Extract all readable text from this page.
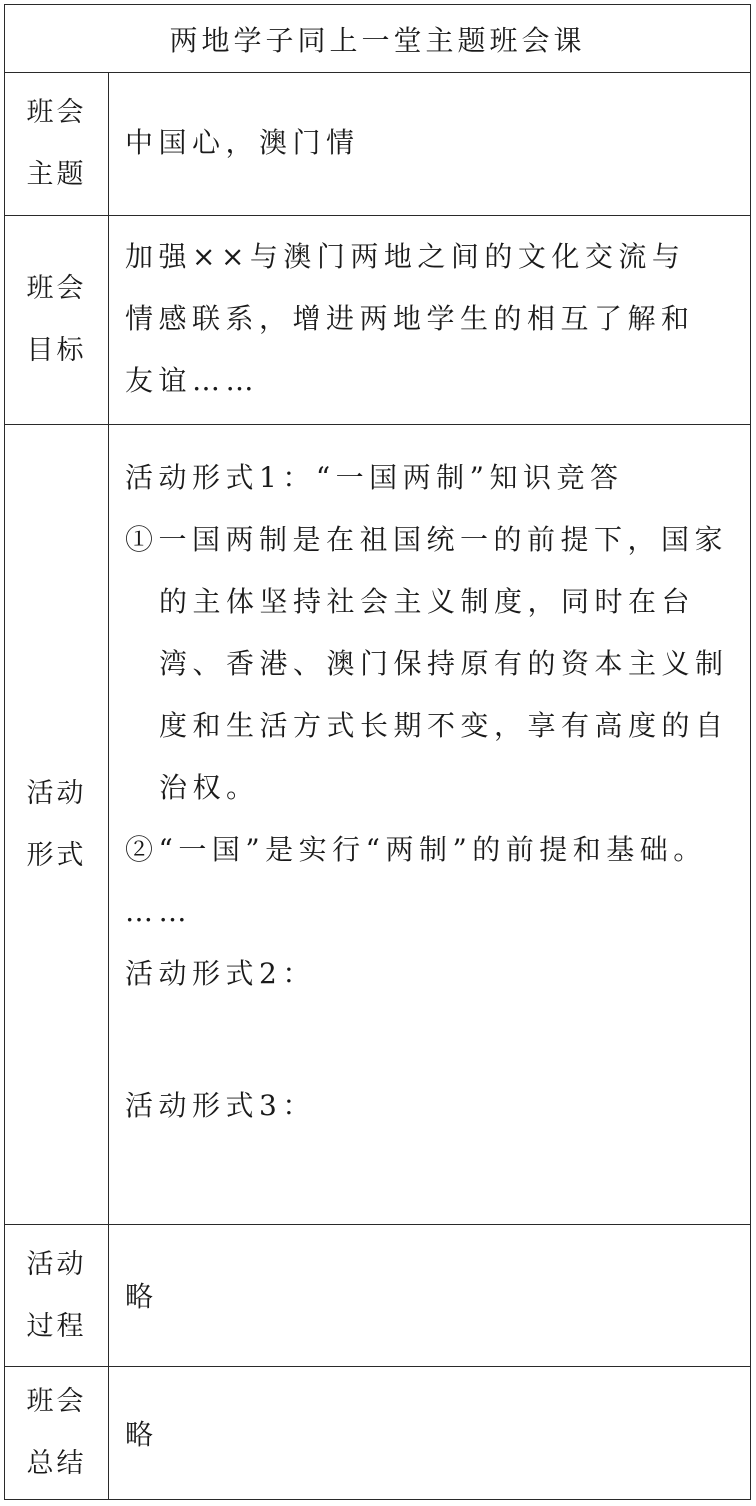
两地学子同上一堂主题班会课
班会
主题
中国心，澳门情
班会
目标
加强××与澳门两地之间的文化交流与
情感联系，增进两地学生的相互了解和
友谊……
活动
形式
活动形式1：“一国两制”知识竞答
①一国两制是在祖国统一的前提下，国家
的主体坚持社会主义制度，同时在台
湾、香港、澳门保持原有的资本主义制
度和生活方式长期不变，享有高度的自
治权。
②“一国”是实行“两制”的前提和基础。
……
活动形式2：
活动形式3：
活动
过程
略
班会
总结
略
